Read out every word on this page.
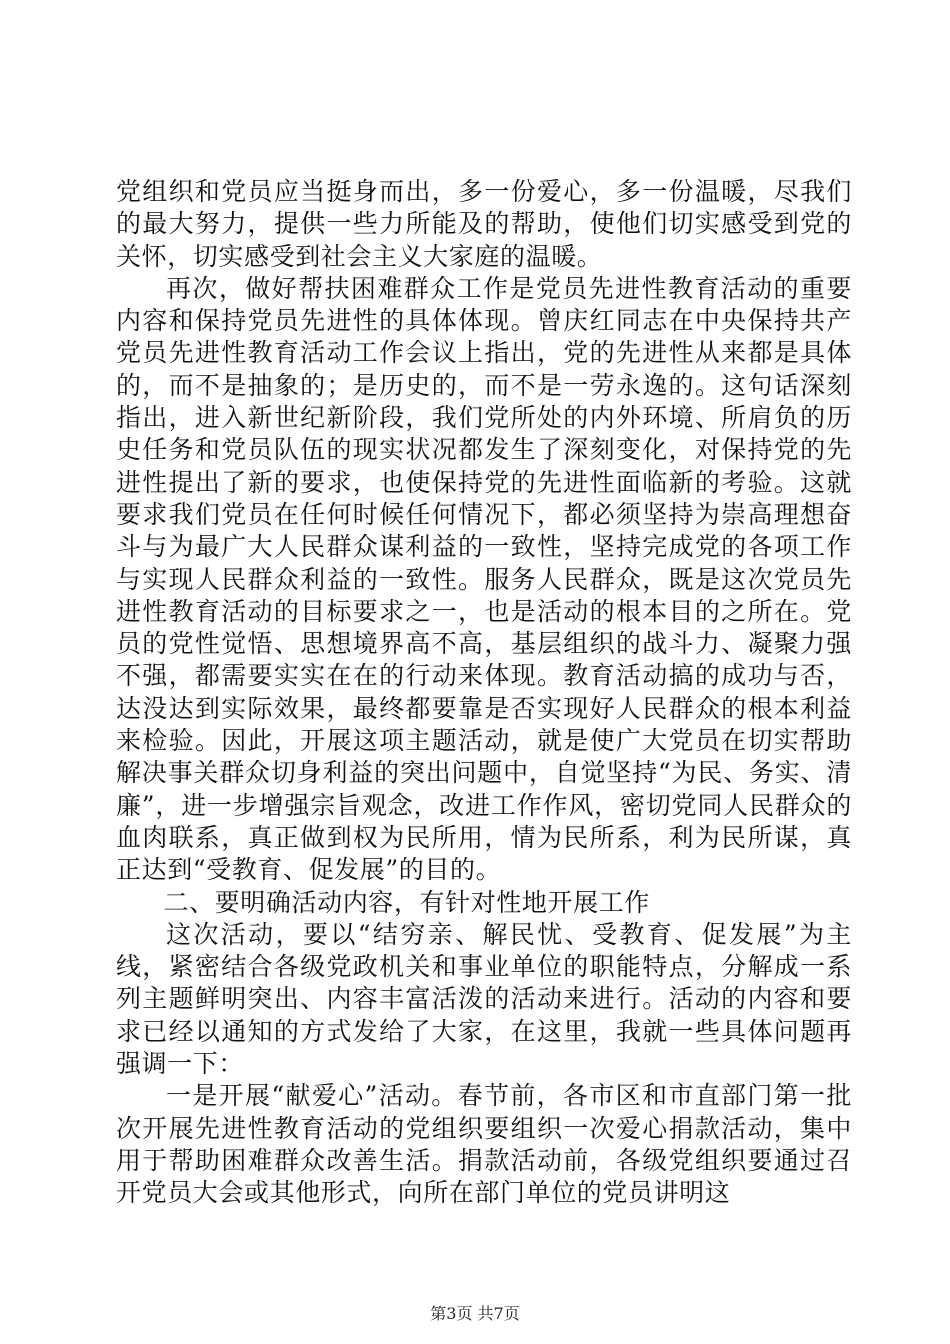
党组织和党员应当挺身而出，多一份爱心，多一份温暖，尽我们的最大努力，提供一些力所能及的帮助，使他们切实感受到党的关怀，切实感受到社会主义大家庭的温暖。

再次，做好帮扶困难群众工作是党员先进性教育活动的重要内容和保持党员先进性的具体体现。曾庆红同志在中央保持共产党员先进性教育活动工作会议上指出，党的先进性从来都是具体的，而不是抽象的；是历史的，而不是一劳永逸的。这句话深刻指出，进入新世纪新阶段，我们党所处的内外环境、所肩负的历史任务和党员队伍的现实状况都发生了深刻变化，对保持党的先进性提出了新的要求，也使保持党的先进性面临新的考验。这就要求我们党员在任何时候任何情况下，都必须坚持为崇高理想奋斗与为最广大人民群众谋利益的一致性，坚持完成党的各项工作与实现人民群众利益的一致性。服务人民群众，既是这次党员先进性教育活动的目标要求之一，也是活动的根本目的之所在。党员的党性觉悟、思想境界高不高，基层组织的战斗力、凝聚力强不强，都需要实实在在的行动来体现。教育活动搞的成功与否，达没达到实际效果，最终都要靠是否实现好人民群众的根本利益来检验。因此，开展这项主题活动，就是使广大党员在切实帮助解决事关群众切身利益的突出问题中，自觉坚持“为民、务实、清廉”，进一步增强宗旨观念，改进工作作风，密切党同人民群众的血肉联系，真正做到权为民所用，情为民所系，利为民所谋，真正达到“受教育、促发展”的目的。

二、要明确活动内容，有针对性地开展工作

这次活动，要以“结穷亲、解民忧、受教育、促发展”为主线，紧密结合各级党政机关和事业单位的职能特点，分解成一系列主题鲜明突出、内容丰富活泼的活动来进行。活动的内容和要求已经以通知的方式发给了大家，在这里，我就一些具体问题再强调一下：

一是开展“献爱心”活动。春节前，各市区和市直部门第一批次开展先进性教育活动的党组织要组织一次爱心捐款活动，集中用于帮助困难群众改善生活。捐款活动前，各级党组织要通过召开党员大会或其他形式，向所在部门单位的党员讲明这

第3页 共7页
